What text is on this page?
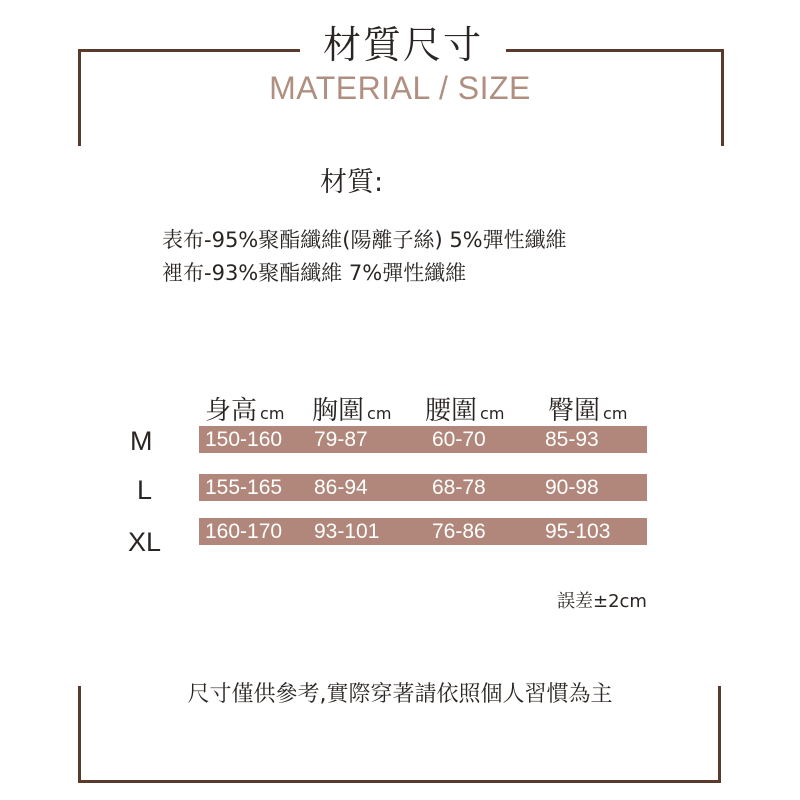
材質尺寸
MATERIAL / SIZE
材質:
表布-95%聚酯纖維(陽離子絲) 5%彈性纖維
裡布-93%聚酯纖維 7%彈性纖維
身高 cm 胸圍 cm 腰圍 cm 臀圍 cm
M	150-160 79-87	60-70	85-93
L	155-165 86-94	68-78	90-98
XL 160-170 93-101	76-86	95-103
誤差±2cm
尺寸僅供參考,實際穿著請依照個人習慣為主
